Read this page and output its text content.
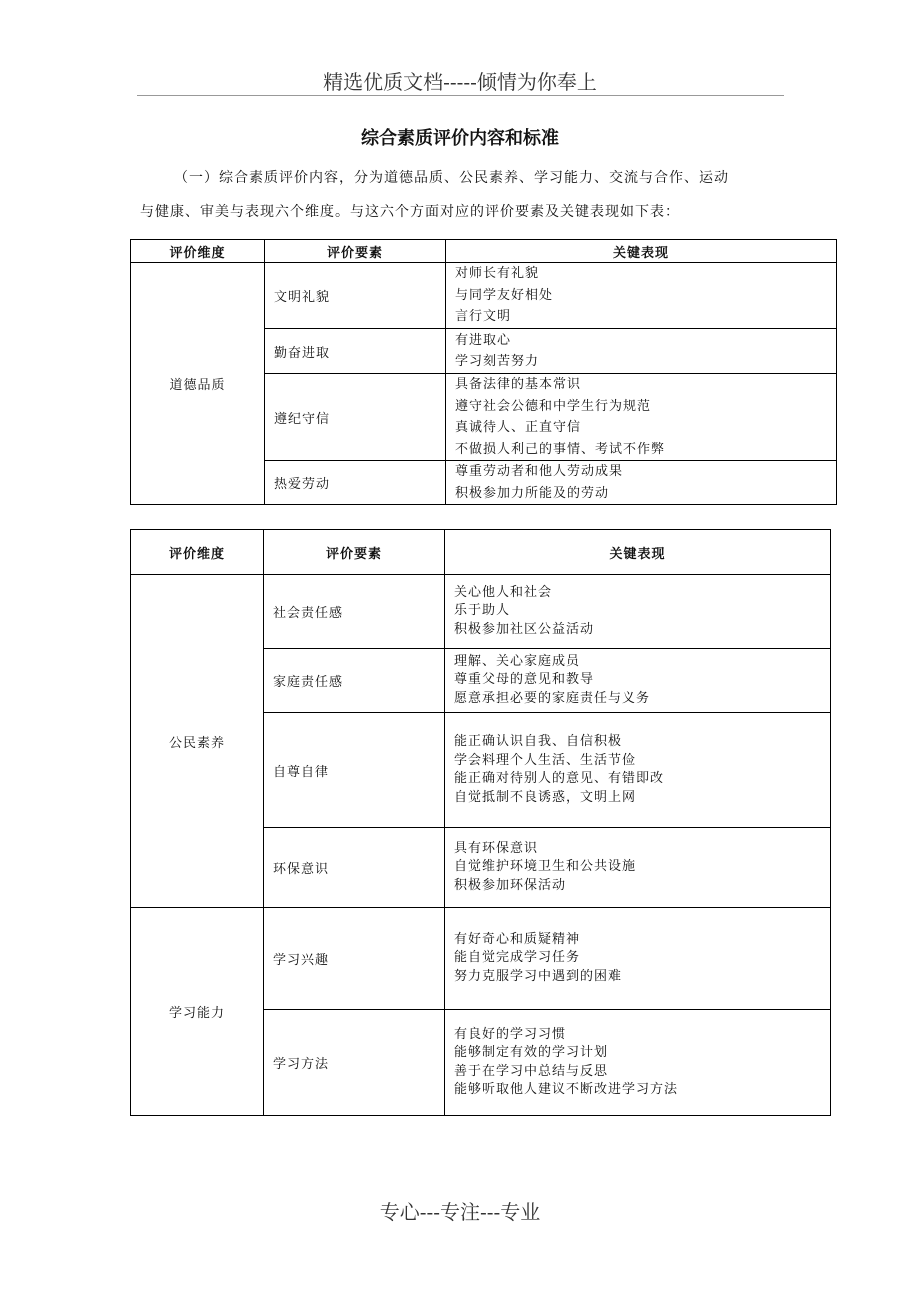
精选优质文档-----倾情为你奉上
综合素质评价内容和标准
（一）综合素质评价内容，分为道德品质、公民素养、学习能力、交流与合作、运动
与健康、审美与表现六个维度。与这六个方面对应的评价要素及关键表现如下表：
评价维度	评价要素	关键表现
道德品质	文明礼貌	对师长有礼貌
与同学友好相处
言行文明

	勤奋进取	有进取心
学习刻苦努力

	遵纪守信	具备法律的基本常识
遵守社会公德和中学生行为规范
真诚待人、正直守信
不做损人利己的事情、考试不作弊

	热爱劳动	尊重劳动者和他人劳动成果
积极参加力所能及的劳动
评价维度	评价要素	关键表现
公民素养	社会责任感	关心他人和社会
乐于助人
积极参加社区公益活动

	家庭责任感	理解、关心家庭成员
尊重父母的意见和教导
愿意承担必要的家庭责任与义务

	自尊自律	能正确认识自我、自信积极
学会料理个人生活、生活节俭
能正确对待别人的意见、有错即改
自觉抵制不良诱惑，文明上网

	环保意识	具有环保意识
自觉维护环境卫生和公共设施
积极参加环保活动

学习能力	学习兴趣	有好奇心和质疑精神
能自觉完成学习任务
努力克服学习中遇到的困难

	学习方法	有良好的学习习惯
能够制定有效的学习计划
善于在学习中总结与反思
能够听取他人建议不断改进学习方法
专心---专注---专业
